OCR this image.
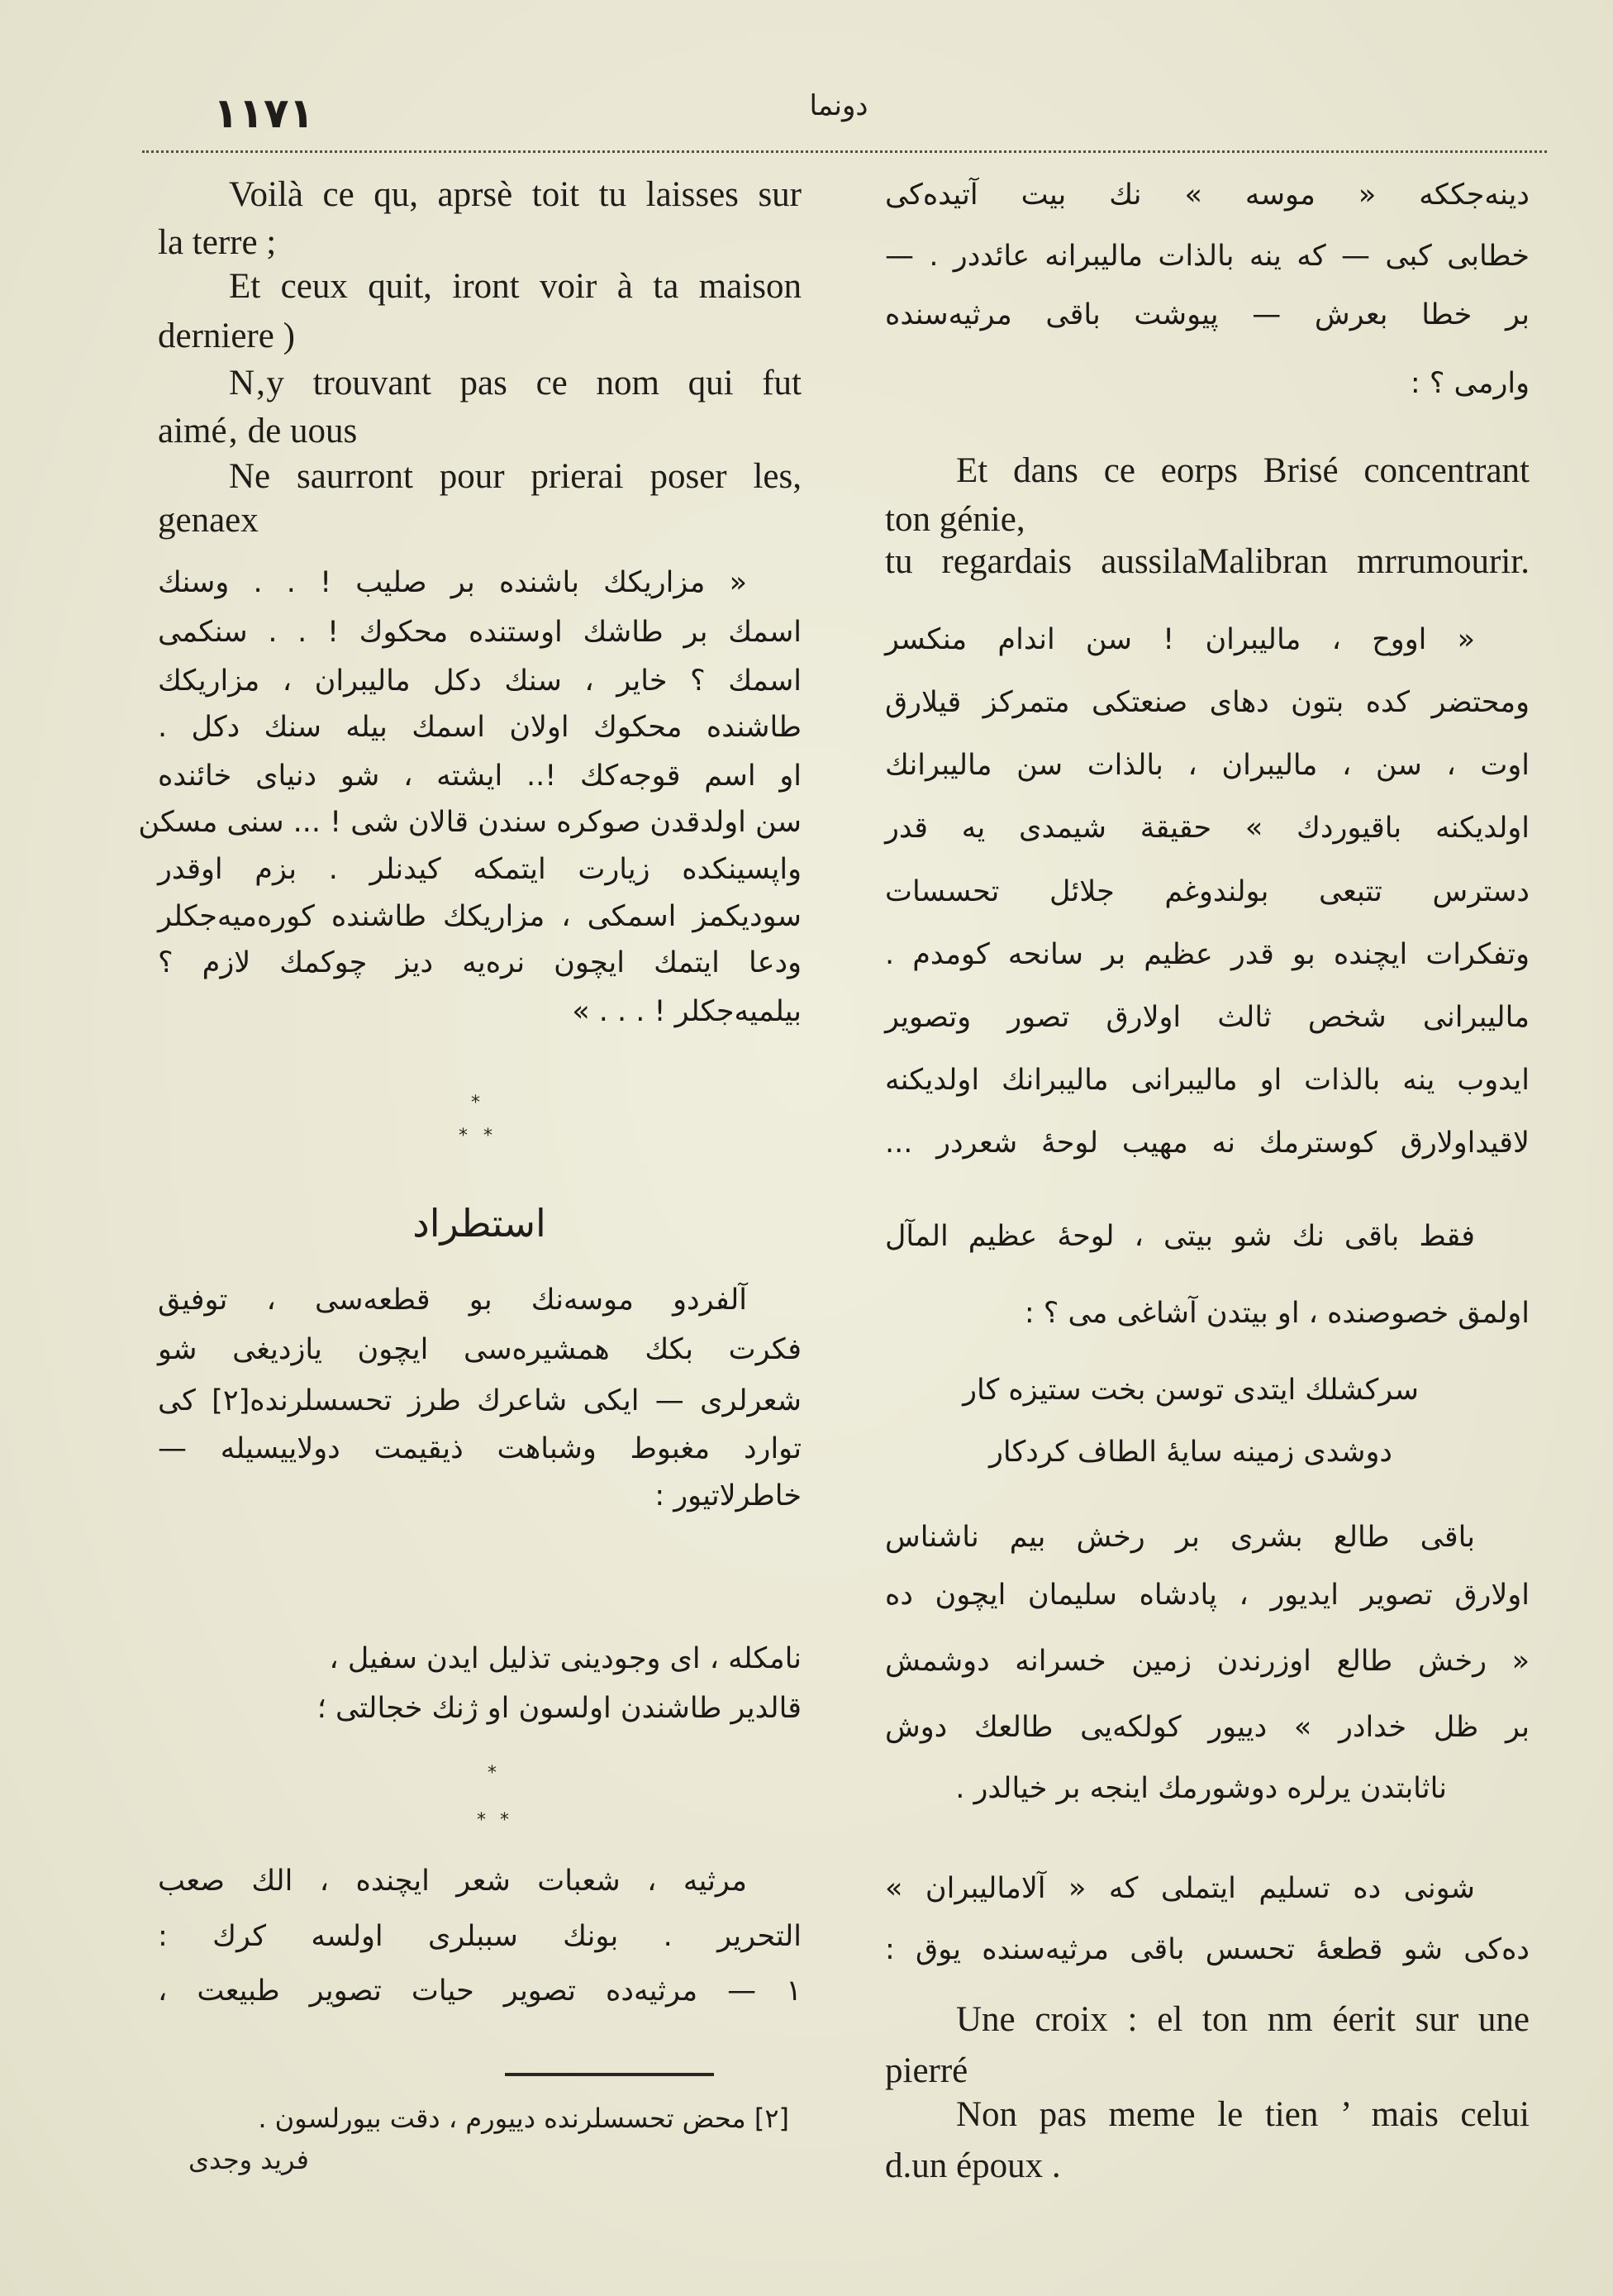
١١٧١	دونما
*
* *
*
* *
استطراد
فرید وجدی
Voilà ce qu, aprsè toit tu laisses sur
la terre ;
Et ceux quit, iront voir à ta maison
derniere )
N‚y trouvant pas ce nom qui fut
aimé‚ de uous
Ne saurront pour prierai poser les,
genaex
« مزاریکك باشنده بر صلیب ! . . وسنك
اسمك بر طاشك اوستنده محکوك ! . . سنکمی
اسمك ؟ خایر ، سنك دکل مالیبران ، مزاریکك
طاشنده محکوك اولان اسمك بیله سنك دکل .
او اسم قوجه‌کك !.. ایشته ، شو دنیای خائنده
سن اولدقدن صوکره سندن قالان شی ! ... سنی مسکن
واپسینکده زیارت ایتمکه کیدنلر . بزم اوقدر
سودیکمز اسمکی ، مزاریکك طاشنده کوره‌میه‌جکلر
ودعا ایتمك ایچون نره‌یه دیز چوکمك لازم ؟
بیلمیه‌جکلر ! . . . »
آلفردو موسه‌نك بو قطعه‌سی ، توفیق
فکرت بکك همشیره‌سی ایچون یازدیغی شو
شعرلری — ایکی شاعرك طرز تحسسلرنده[٢] کی
توارد مغبوط وشباهت ذیقیمت دولاییسیله —
خاطرلاتیور :
نامکله ، ای وجودینی تذلیل ایدن سفیل ،
قالدیر طاشندن اولسون او ژنك خجالتی ؛
مرثیه ، شعبات شعر ایچنده ، الك صعب
التحریر . بونك سببلری اولسه کرك :
١ — مرثیه‌ده تصویر حیات تصویر طبیعت ،
[٢] محض تحسسلرنده دییورم ، دقت بیورلسون .
دینه‌جککه « موسه » نك بیت آتیده‌کی
خطابی کبی — که ینه بالذات مالیبرانه عائددر . —
بر خطا بعرش — پیوشت باقی مرثیه‌سنده
وارمی ؟ :
Et dans ce eorps Brisé concentrant
ton génie,
tu regardais aussilaMalibran mrrumourir.
« اووح ، مالیبران ! سن اندام منکسر
ومحتضر کده بتون دهای صنعتکی متمرکز قیلارق
اوت ، سن ، مالیبران ، بالذات سن مالیبرانك
اولدیکنه باقیوردك » حقیقة شیمدی یه قدر
دسترس تتبعی بولندوغم جلائل تحسسات
وتفکرات ایچنده بو قدر عظیم بر سانحه کومدم .
مالیبرانی شخص ثالث اولارق تصور وتصویر
ایدوب ینه بالذات او مالیبرانی مالیبرانك اولدیکنه
لاقیداولارق کوسترمك نه مهیب لوحهٔ شعردر ...
فقط باقی نك شو بیتی ، لوحهٔ عظیم المآل
اولمق خصوصنده ، او بیتدن آشاغی می ؟ :
سرکشلك ایتدی توسن بخت ستیزه کار
دوشدی زمینه سایهٔ الطاف کردکار
باقی طالع بشری بر رخش بیم ناشناس
اولارق تصویر ایدیور ، پادشاه سلیمان ایچون ده
« رخش طالع اوزرندن زمین خسرانه دوشمش
بر ظل خدادر » دییور کولکه‌یی طالعك دوش
ناثابتدن یرلره دوشورمك اینجه بر خیالدر .
شونی ده تسلیم ایتملی که « آلامالیبران »
ده‌کی شو قطعهٔ تحسس باقی مرثیه‌سنده یوق :
Une croix : el ton nm éerit sur une
pierré
Non pas meme le tien ’ mais celui
d.un époux .
